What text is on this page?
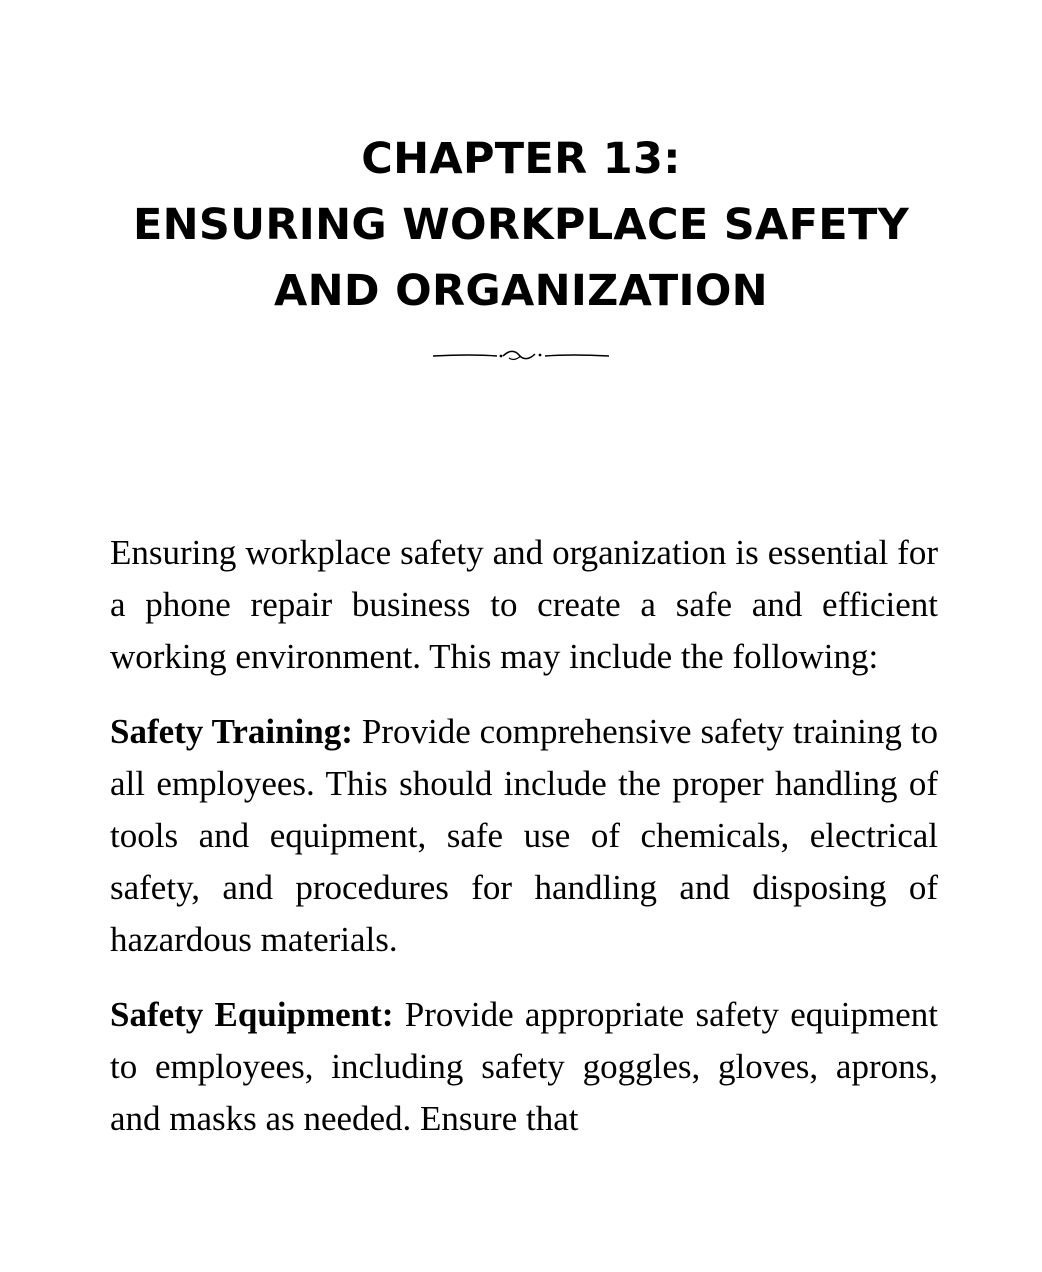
CHAPTER 13:
ENSURING WORKPLACE SAFETY
AND ORGANIZATION

Ensuring workplace safety and organization is essential for a phone repair business to create a safe and efficient working environment. This may include the following:

Safety Training: Provide comprehensive safety training to all employees. This should include the proper handling of tools and equipment, safe use of chemicals, electrical safety, and procedures for handling and disposing of hazardous materials.

Safety Equipment: Provide appropriate safety equipment to employees, including safety goggles, gloves, aprons, and masks as needed. Ensure that
